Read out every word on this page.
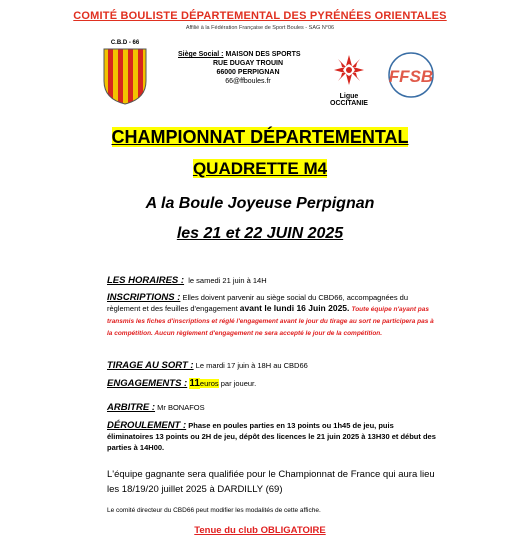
COMITÉ BOULISTE DÉPARTEMENTAL DES PYRÉNÉES ORIENTALES
Affilié à la Fédération Française de Sport Boules - SAG N°06
C.B.D - 66
Siège Social : MAISON DES SPORTS
RUE DUGAY TROUIN
66000 PERPIGNAN
66@ffboules.fr
Ligue
OCCITANIE
FFSB
CHAMPIONNAT DÉPARTEMENTAL
QUADRETTE M4
A la Boule Joyeuse Perpignan
les 21 et 22 JUIN 2025
LES HORAIRES : le samedi 21 juin à 14H
INSCRIPTIONS : Elles doivent parvenir au siège social du CBD66, accompagnées du règlement et des feuilles d'engagement avant le lundi 16 Juin 2025. Toute équipe n'ayant pas transmis les fiches d'inscriptions et réglé l'engagement avant le jour du tirage au sort ne participera pas à la compétition. Aucun règlement d'engagement ne sera accepté le jour de la compétition.
TIRAGE AU SORT : Le mardi 17 juin à 18H au CBD66
ENGAGEMENTS : 11euros par joueur.
ARBITRE : Mr BONAFOS
DÉROULEMENT : Phase en poules parties en 13 points ou 1h45 de jeu, puis éliminatoires 13 points ou 2H de jeu, dépôt des licences le 21 juin 2025 à 13H30 et début des parties à 14H00.
L'équipe gagnante sera qualifiée pour le Championnat de France qui aura lieu les 18/19/20 juillet 2025 à DARDILLY (69)
Le comité directeur du CBD66 peut modifier les modalités de cette affiche.
Tenue du club OBLIGATOIRE
